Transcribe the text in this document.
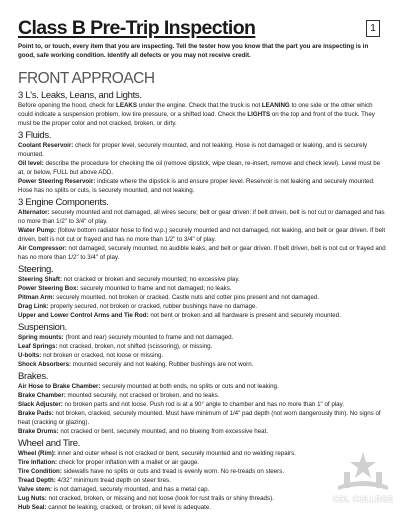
Class B Pre-Trip Inspection	1
Point to, or touch, every item that you are inspecting. Tell the tester how you know that the part you are inspecting is in good, safe working condition. Identify all defects or you may not receive credit.
FRONT APPROACH
3 L's. Leaks, Leans, and Lights.

Before opening the hood, check for LEAKS under the engine. Check that the truck is not LEANING to one side or the other which could indicate a suspension problem, low tire pressure, or a shifted load. Check the LIGHTS on the top and front of the truck. They must be the proper color and not cracked, broken, or dirty.

3 Fluids.

Coolant Reservoir: check for proper level, securely mounted, and not leaking. Hose is not damaged or leaking, and is securely mounted.

Oil level: describe the procedure for checking the oil (remove dipstick, wipe clean, re-insert, remove and check level). Level must be at, or below, FULL but above ADD.

Power Steering Reservoir: indicate where the dipstick is and ensure proper level. Reservoir is not leaking and securely mounted. Hose has no splits or cuts, is securely mounted, and not leaking.

3 Engine Components.

Alternator: securely mounted and not damaged, all wires secure; belt or gear driven: if belt driven, belt is not cut or damaged and has no more than 1/2" to 3/4" of play.

Water Pump: (follow bottom radiator hose to find w.p.) securely mounted and not damaged, not leaking, and belt or gear driven. If belt driven, belt is not cut or frayed and has no more than 1/2" to 3/4" of play.

Air Compressor: not damaged, securely mounted, no audible leaks, and belt or gear driven. If belt driven, belt is not cut or frayed and has no more than 1/2" to 3/4" of play.

Steering.

Steering Shaft: not cracked or broken and securely mounted; no excessive play.

Power Steering Box: securely mounted to frame and not damaged; no leaks.

Pitman Arm: securely mounted, not broken or cracked. Castle nuts and cotter pins present and not damaged.

Drag Link: properly secured, not broken or cracked, rubber bushings have no damage.

Upper and Lower Control Arms and Tie Rod: not bent or broken and all hardware is present and securely mounted.

Suspension.

Spring mounts: (front and rear) securely mounted to frame and not damaged.

Leaf Springs: not cracked, broken, not shifted (scissoring), or missing.

U-bolts: not broken or cracked, not loose or missing.

Shock Absorbers: mounted securely and not leaking. Rubber bushings are not worn.

Brakes.

Air Hose to Brake Chamber: securely mounted at both ends, no splits or cuts and not leaking.

Brake Chamber: mounted securely, not cracked or broken, and no leaks.

Slack Adjuster: no broken parts and not loose. Push rod is at a 90° angle to chamber and has no more than 1" of play.

Brake Pads: not broken, cracked, securely mounted. Must have minimum of 1/4" pad depth (not worn dangerously thin). No signs of heat (cracking or glazing).

Brake Drums: not cracked or bent, securely mounted, and no blueing from excessive heat.

Wheel and Tire.

Wheel (Rim): inner and outer wheel is not cracked or bent, securely mounted and no welding repairs.

Tire Inflation: check for proper inflation with a mallet or air gauge.

Tire Condition: sidewalls have no splits or cuts and tread is evenly worn. No re-treads on steers.

Tread Depth: 4/32" minimum tread depth on steer tires.

Valve stem: is not damaged, securely mounted, and has a metal cap.

Lug Nuts: not cracked, broken, or missing and not loose (look for rust trails or shiny threads).

Hub Seal: cannot be leaking, cracked, or broken; oil level is adequate.

CDL COLLEGE
